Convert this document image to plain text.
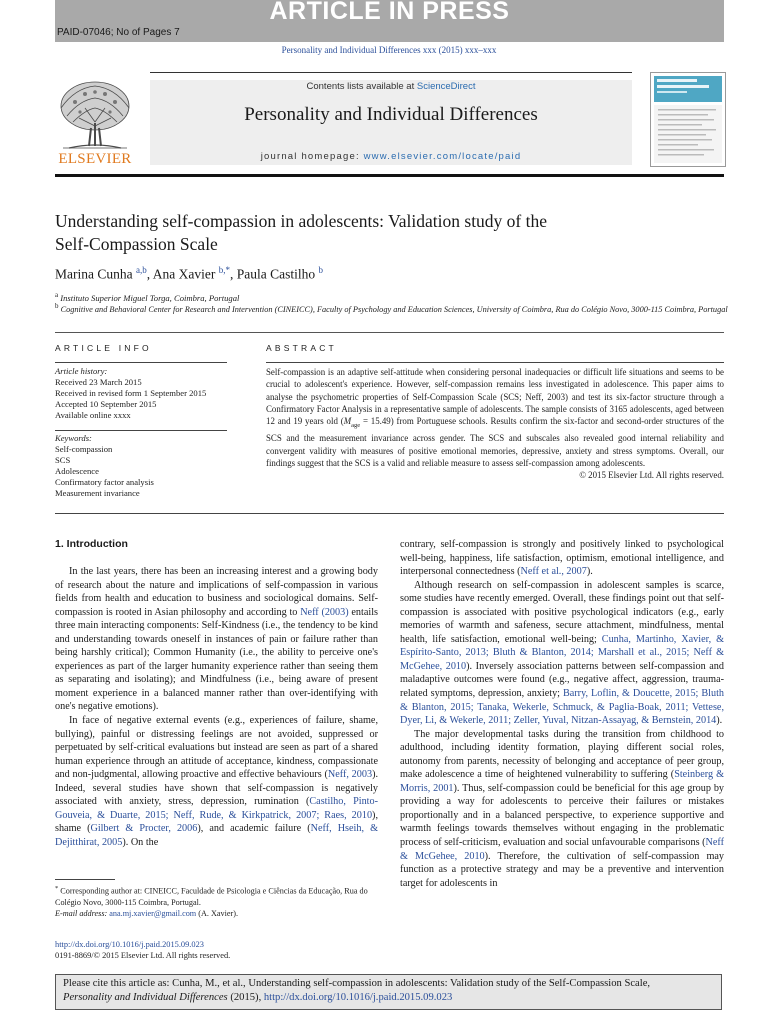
ARTICLE IN PRESS
PAID-07046; No of Pages 7
Personality and Individual Differences xxx (2015) xxx–xxx
ELSEVIER
Contents lists available at ScienceDirect
Personality and Individual Differences
journal homepage: www.elsevier.com/locate/paid
Understanding self-compassion in adolescents: Validation study of the
Self-Compassion Scale
Marina Cunha $^{a,b}$, Ana Xavier $^{b,*}$, Paula Castilho $^b$
$^a$ Instituto Superior Miguel Torga, Coimbra, Portugal
$^b$ Cognitive and Behavioral Center for Research and Intervention (CINEICC), Faculty of Psychology and Education Sciences, University of Coimbra, Rua do Colégio Novo, 3000-115 Coimbra, Portugal
ARTICLE INFO
Article history:
Received 23 March 2015
Received in revised form 1 September 2015
Accepted 10 September 2015
Available online xxxx
Keywords:
Self-compassion
SCS
Adolescence
Confirmatory factor analysis
Measurement invariance
ABSTRACT
Self-compassion is an adaptive self-attitude when considering personal inadequacies or difficult life situations and seems to be crucial to adolescent's experience. However, self-compassion remains less investigated in adolescence. This paper aims to analyse the psychometric properties of Self-Compassion Scale (SCS; Neff, 2003) and test its six-factor structure through a Confirmatory Factor Analysis in a representative sample of adolescents. The sample consists of 3165 adolescents, aged between 12 and 19 years old $(M_{age} = 15.49)$ from Portuguese schools. Results confirm the six-factor and second-order structures of the SCS and the measurement invariance across gender. The SCS and subscales also revealed good internal reliability and convergent validity with measures of positive emotional memories, depressive, anxiety and stress symptoms. Overall, our findings suggest that the SCS is a valid and reliable measure to assess self-compassion among adolescents.
© 2015 Elsevier Ltd. All rights reserved.
1. Introduction

In the last years, there has been an increasing interest and a growing body of research about the nature and implications of self-compassion in various fields from health and education to business and sociological domains. Self-compassion is rooted in Asian philosophy and according to Neff (2003) entails three main interacting components: Self-Kindness (i.e., the tendency to be kind and understanding towards oneself in instances of pain or failure rather than being harshly critical); Common Humanity (i.e., the ability to perceive one's experiences as part of the larger humanity experience rather than seeing them as separating and isolating); and Mindfulness (i.e., being aware of present moment experience in a balanced manner rather than over-identifying with one's negative emotions).

In face of negative external events (e.g., experiences of failure, shame, bullying), painful or distressing feelings are not avoided, suppressed or perpetuated by self-critical evaluations but instead are seen as part of a shared human experience through an attitude of acceptance, kindness, compassionate and non-judgmental, allowing proactive and effective behaviours (Neff, 2003). Indeed, several studies have shown that self-compassion is negatively associated with anxiety, stress, depression, rumination (Castilho, Pinto-Gouveia, & Duarte, 2015; Neff, Rude, & Kirkpatrick, 2007; Raes, 2010), shame (Gilbert & Procter, 2006), and academic failure (Neff, Hseih, & Dejitthirat, 2005). On the

contrary, self-compassion is strongly and positively linked to psychological well-being, happiness, life satisfaction, optimism, emotional intelligence, and interpersonal connectedness (Neff et al., 2007).

Although research on self-compassion in adolescent samples is scarce, some studies have recently emerged. Overall, these findings point out that self-compassion is associated with positive psychological indicators (e.g., early memories of warmth and safeness, secure attachment, mindfulness, mental health, life satisfaction, emotional well-being; Cunha, Martinho, Xavier, & Espírito-Santo, 2013; Bluth & Blanton, 2014; Marshall et al., 2015; Neff & McGehee, 2010). Inversely association patterns between self-compassion and maladaptive outcomes were found (e.g., negative affect, aggression, trauma-related symptoms, depression, anxiety; Barry, Loflin, & Doucette, 2015; Bluth & Blanton, 2015; Tanaka, Wekerle, Schmuck, & Paglia-Boak, 2011; Vettese, Dyer, Li, & Wekerle, 2011; Zeller, Yuval, Nitzan-Assayag, & Bernstein, 2014).

The major developmental tasks during the transition from childhood to adulthood, including identity formation, playing different social roles, autonomy from parents, necessity of belonging and acceptance of peer group, make adolescence a time of heightened vulnerability to suffering (Steinberg & Morris, 2001). Thus, self-compassion could be beneficial for this age group by providing a way for adolescents to perceive their failures or mistakes proportionally and in a balanced perspective, to experience supportive and warmth feelings towards themselves without engaging in the problematic process of self-criticism, evaluation and social unfavourable comparisons (Neff & McGehee, 2010). Therefore, the cultivation of self-compassion may function as a protective strategy and may be a preventive and intervention target for adolescents in

* Corresponding author at: CINEICC, Faculdade de Psicologia e Ciências da Educação, Rua do Colégio Novo, 3000-115 Coimbra, Portugal.
E-mail address: ana.mj.xavier@gmail.com (A. Xavier).
http://dx.doi.org/10.1016/j.paid.2015.09.023
0191-8869/© 2015 Elsevier Ltd. All rights reserved.
Please cite this article as: Cunha, M., et al., Understanding self-compassion in adolescents: Validation study of the Self-Compassion Scale,
Personality and Individual Differences (2015), http://dx.doi.org/10.1016/j.paid.2015.09.023
